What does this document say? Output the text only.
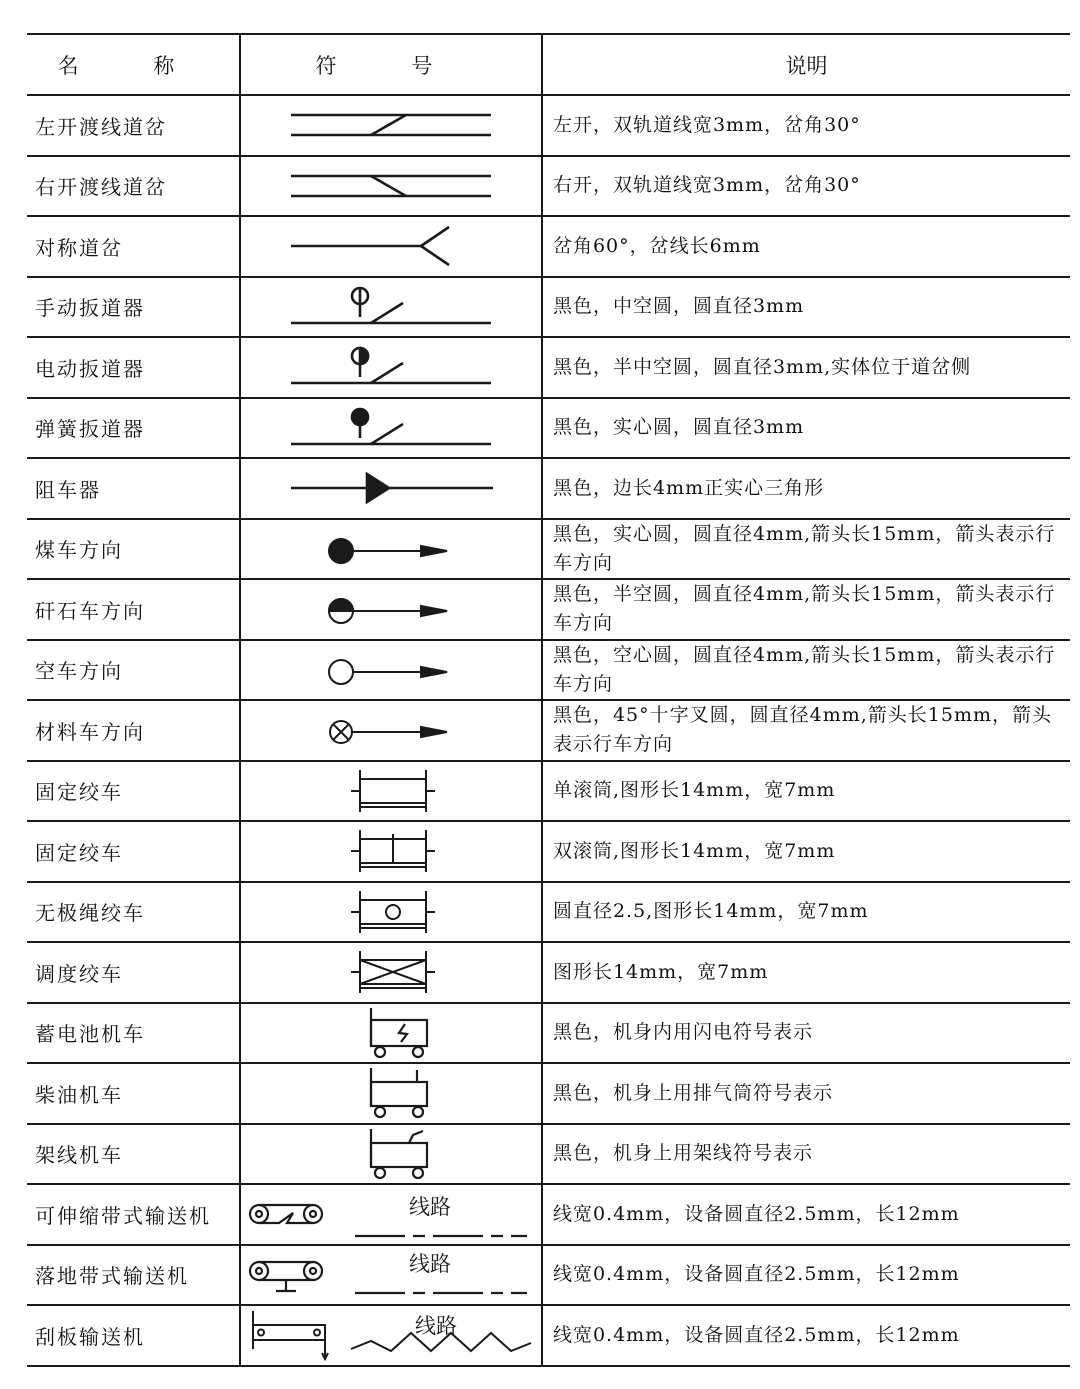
名 称	符 号	说明
左开渡线道岔		左开，双轨道线宽3mm，岔角30°
右开渡线道岔		右开，双轨道线宽3mm，岔角30°
对称道岔		岔角60°，岔线长6mm
手动扳道器		黑色，中空圆，圆直径3mm
电动扳道器		黑色，半中空圆，圆直径3mm,实体位于道岔侧
弹簧扳道器		黑色，实心圆，圆直径3mm
阻车器		黑色，边长4mm正实心三角形
煤车方向		黑色，实心圆，圆直径4mm,箭头长15mm，箭头表示行车方向
矸石车方向		黑色，半空圆，圆直径4mm,箭头长15mm，箭头表示行车方向
空车方向		黑色，空心圆，圆直径4mm,箭头长15mm，箭头表示行车方向
材料车方向		黑色，45°十字叉圆，圆直径4mm,箭头长15mm，箭头表示行车方向
固定绞车		单滚筒,图形长14mm，宽7mm
固定绞车		双滚筒,图形长14mm，宽7mm
无极绳绞车		圆直径2.5,图形长14mm，宽7mm
调度绞车		图形长14mm，宽7mm
蓄电池机车		黑色，机身内用闪电符号表示
柴油机车		黑色，机身上用排气筒符号表示
架线机车		黑色，机身上用架线符号表示
可伸缩带式输送机	线路	线宽0.4mm，设备圆直径2.5mm，长12mm
落地带式输送机	线路	线宽0.4mm，设备圆直径2.5mm，长12mm
刮板输送机	线路	线宽0.4mm，设备圆直径2.5mm，长12mm
